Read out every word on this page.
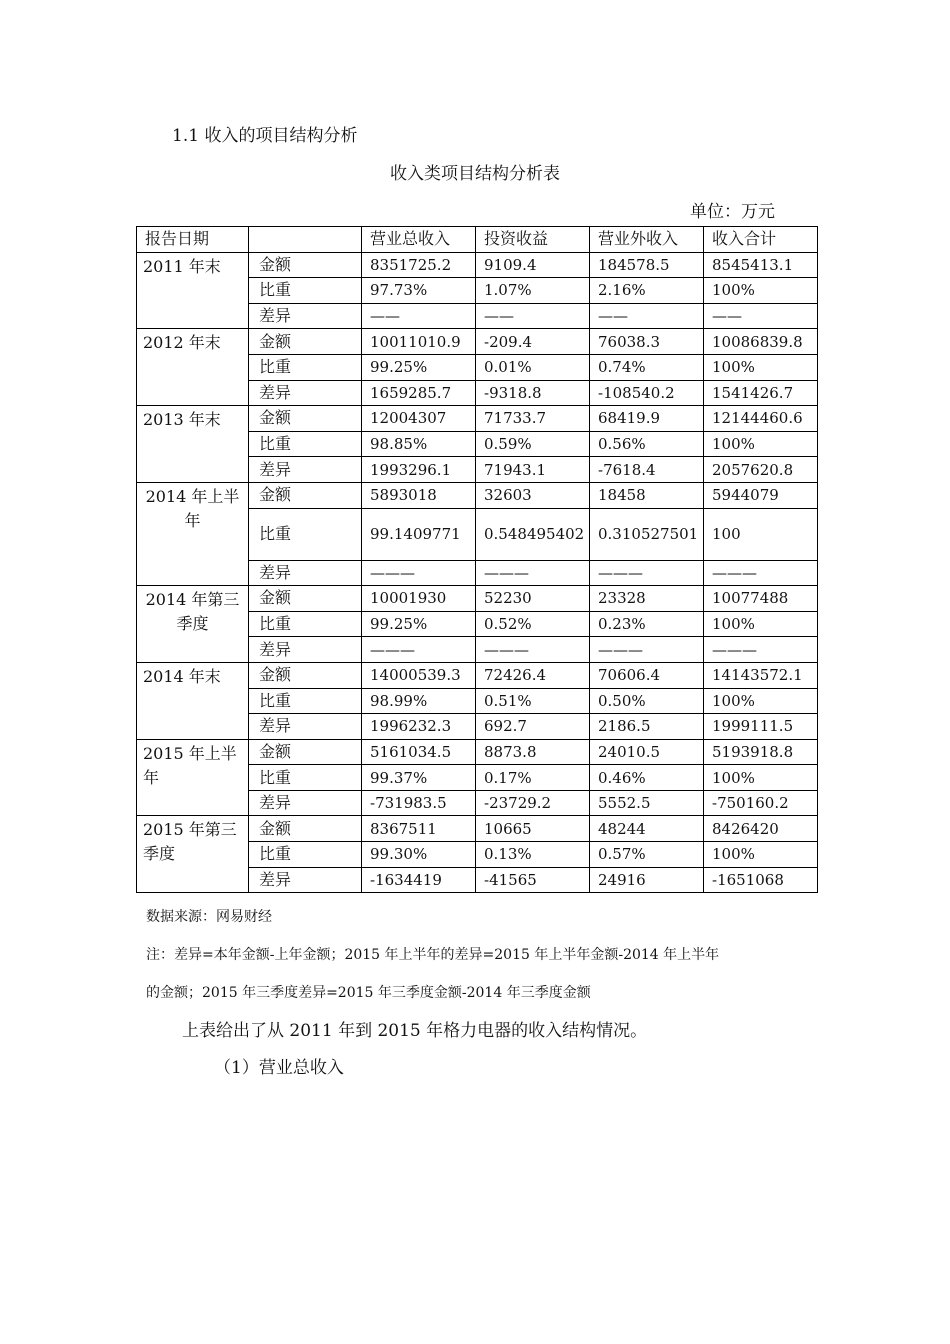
1.1 收入的项目结构分析
收入类项目结构分析表
单位：万元
报告日期		营业总收入	投资收益	营业外收入	收入合计
2011 年末	金额	8351725.2	9109.4	184578.5	8545413.1
	比重	97.73%	1.07%	2.16%	100%
	差异	——	——	——	——
2012 年末	金额	10011010.9	-209.4	76038.3	10086839.8
	比重	99.25%	0.01%	0.74%	100%
	差异	1659285.7	-9318.8	-108540.2	1541426.7
2013 年末	金额	12004307	71733.7	68419.9	12144460.6
	比重	98.85%	0.59%	0.56%	100%
	差异	1993296.1	71943.1	-7618.4	2057620.8
2014 年上半年	金额	5893018	32603	18458	5944079
	比重	99.1409771	0.548495402	0.310527501	100
	差异	———	———	———	———
2014 年第三季度	金额	10001930	52230	23328	10077488
	比重	99.25%	0.52%	0.23%	100%
	差异	———	———	———	———
2014 年末	金额	14000539.3	72426.4	70606.4	14143572.1
	比重	98.99%	0.51%	0.50%	100%
	差异	1996232.3	692.7	2186.5	1999111.5
2015 年上半年	金额	5161034.5	8873.8	24010.5	5193918.8
	比重	99.37%	0.17%	0.46%	100%
	差异	-731983.5	-23729.2	5552.5	-750160.2
2015 年第三季度	金额	8367511	10665	48244	8426420
	比重	99.30%	0.13%	0.57%	100%
	差异	-1634419	-41565	24916	-1651068
数据来源：网易财经
注：差异=本年金额-上年金额；2015 年上半年的差异=2015 年上半年金额-2014 年上半年
的金额；2015 年三季度差异=2015 年三季度金额-2014 年三季度金额
上表给出了从 2011 年到 2015 年格力电器的收入结构情况。
（1）营业总收入
